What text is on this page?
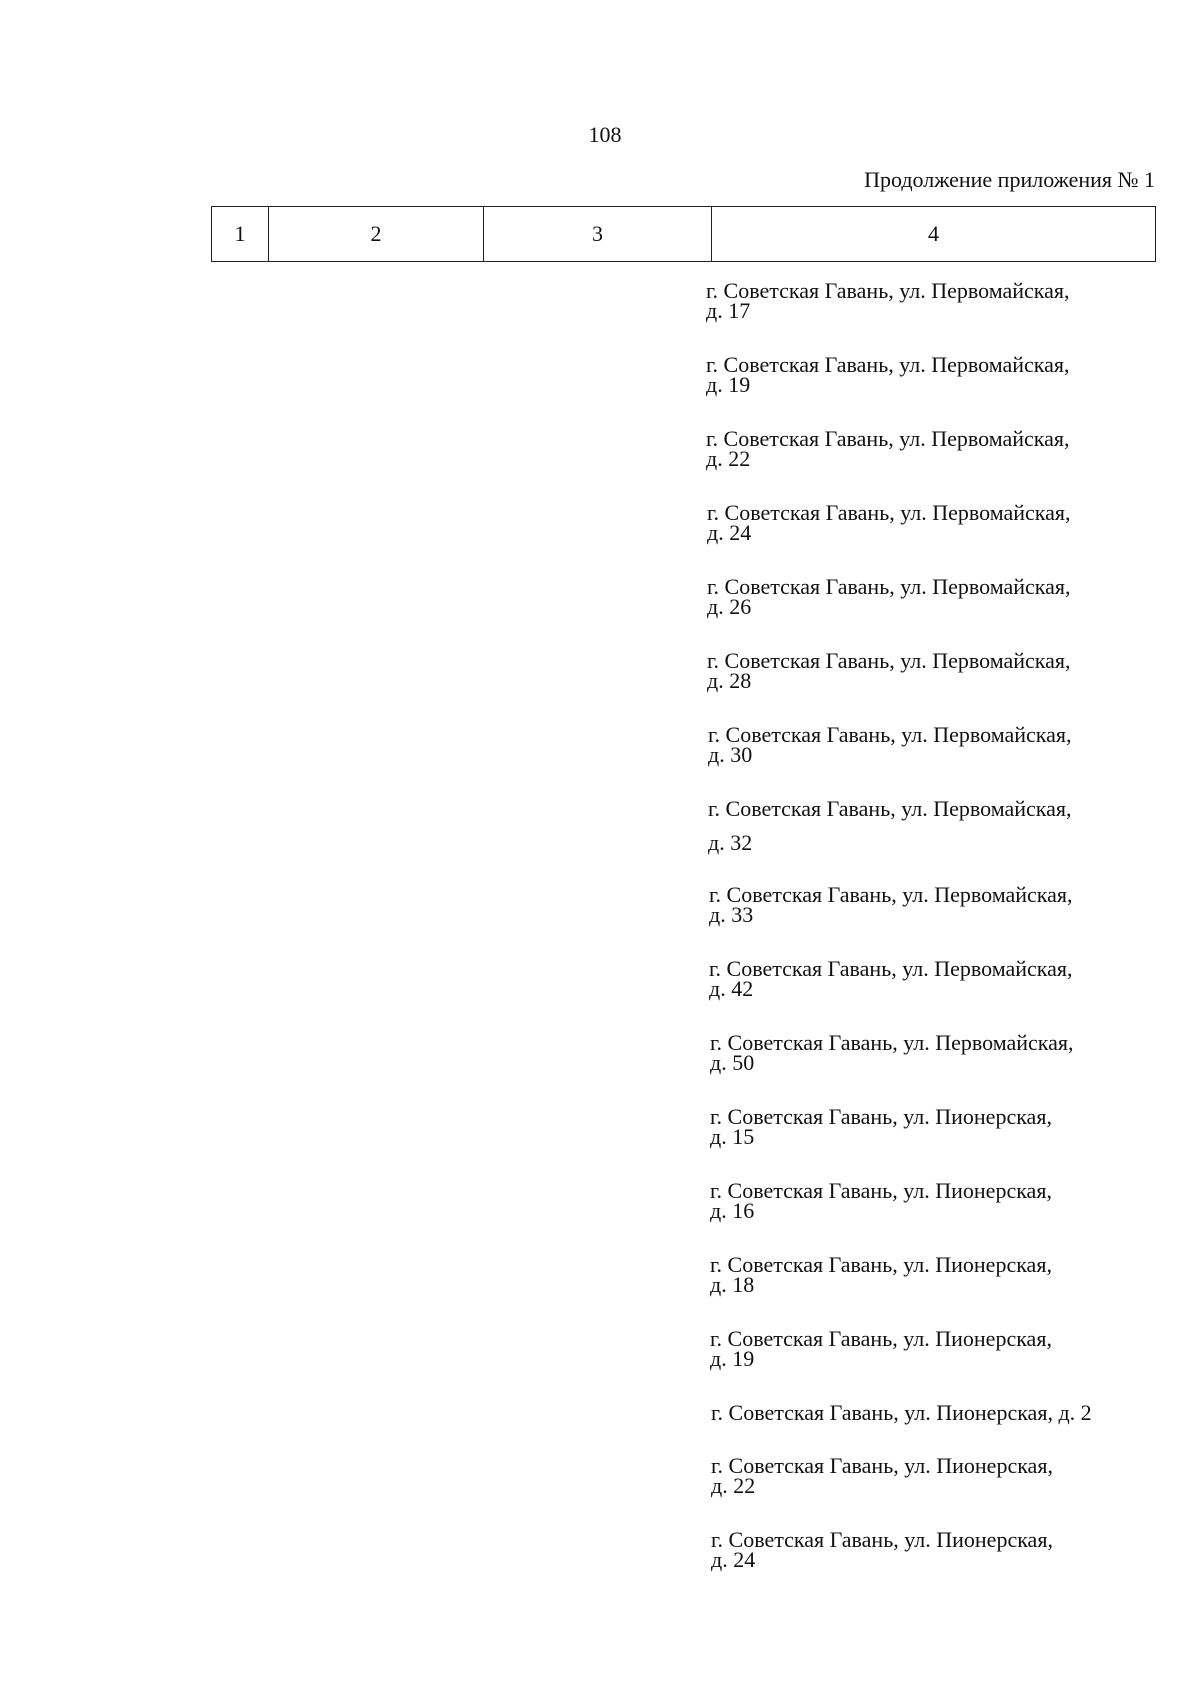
108
Продолжение приложения № 1
1	2	3	4
г. Советская Гавань, ул. Первомайская,
д. 17
г. Советская Гавань, ул. Первомайская,
д. 19
г. Советская Гавань, ул. Первомайская,
д. 22
г. Советская Гавань, ул. Первомайская,
д. 24
г. Советская Гавань, ул. Первомайская,
д. 26
г. Советская Гавань, ул. Первомайская,
д. 28
г. Советская Гавань, ул. Первомайская,
д. 30
г. Советская Гавань, ул. Первомайская,
д. 32
г. Советская Гавань, ул. Первомайская,
д. 33
г. Советская Гавань, ул. Первомайская,
д. 42
г. Советская Гавань, ул. Первомайская,
д. 50
г. Советская Гавань, ул. Пионерская,
д. 15
г. Советская Гавань, ул. Пионерская,
д. 16
г. Советская Гавань, ул. Пионерская,
д. 18
г. Советская Гавань, ул. Пионерская,
д. 19
г. Советская Гавань, ул. Пионерская, д. 2
г. Советская Гавань, ул. Пионерская,
д. 22
г. Советская Гавань, ул. Пионерская,
д. 24
